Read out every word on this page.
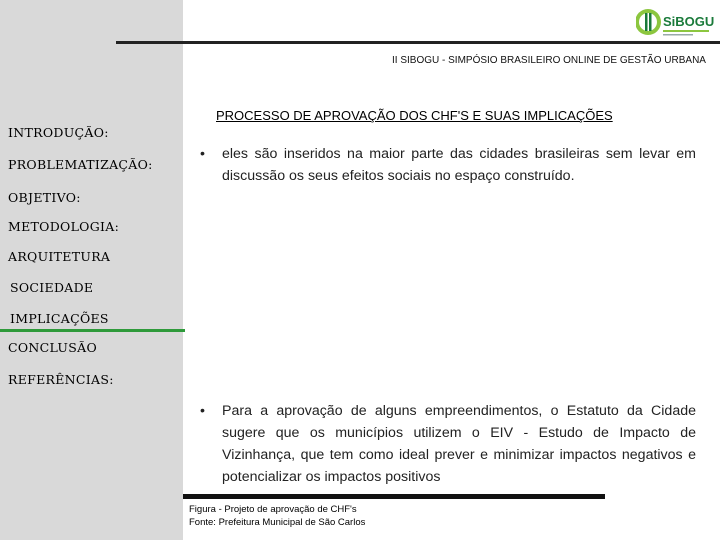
INTRODUÇÃO:
PROBLEMATIZAÇÃO:
OBJETIVO:
METODOLOGIA:
ARQUITETURA
SOCIEDADE
IMPLICAÇÕES
CONCLUSÃO
REFERÊNCIAS:
SiBOGU
II SIBOGU - SIMPÓSIO BRASILEIRO ONLINE DE GESTÃO URBANA
PROCESSO DE APROVAÇÃO DOS CHF'S E SUAS IMPLICAÇÕES
• eles são inseridos na maior parte das cidades brasileiras sem levar em discussão os seus efeitos sociais no espaço construído.
• Para a aprovação de alguns empreendimentos, o Estatuto da Cidade sugere que os municípios utilizem o EIV - Estudo de Impacto de Vizinhança, que tem como ideal prever e minimizar impactos negativos e potencializar os impactos positivos
Figura - Projeto de aprovação de CHF's
Fonte: Prefeitura Municipal de São Carlos
